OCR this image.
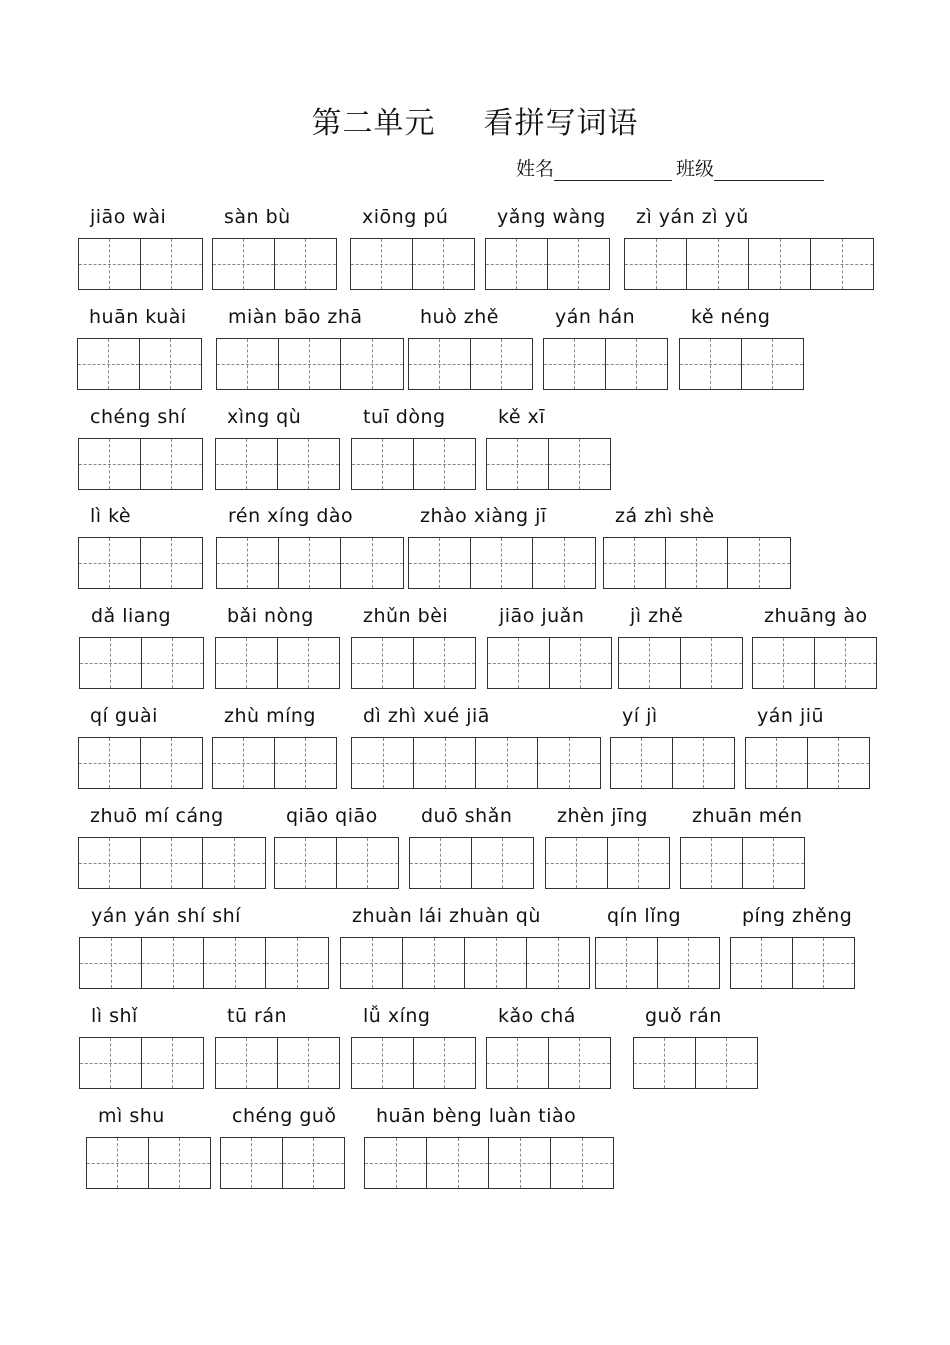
第二单元 看拼写词语
姓名	班级
jiāo wài	sàn bù	xiōng pú	yǎng wàng zì yán zì yǔ
huān kuài miàn bāo zhā	huò zhě	yán hán	kě néng
chéng shí xìng qù	tuī dòng	kě xī
lì kè	rén xíng dào	zhào xiàng jī	zá zhì shè
dǎ liang	bǎi nòng	zhǔn bèi	jiāo juǎn jì zhě	zhuāng ào
qí guài	zhù míng dì zhì xué jiā	yí jì	yán jiū
zhuō mí cáng	qiāo qiāo duō shǎn zhèn jīng zhuān mén
yán yán shí shí	zhuàn lái zhuàn qù	qín lǐng	píng zhěng
lì shǐ	tū rán	lǚ xíng	kǎo chá	guǒ rán
mì shu	chéng guǒ huān bèng luàn tiào
